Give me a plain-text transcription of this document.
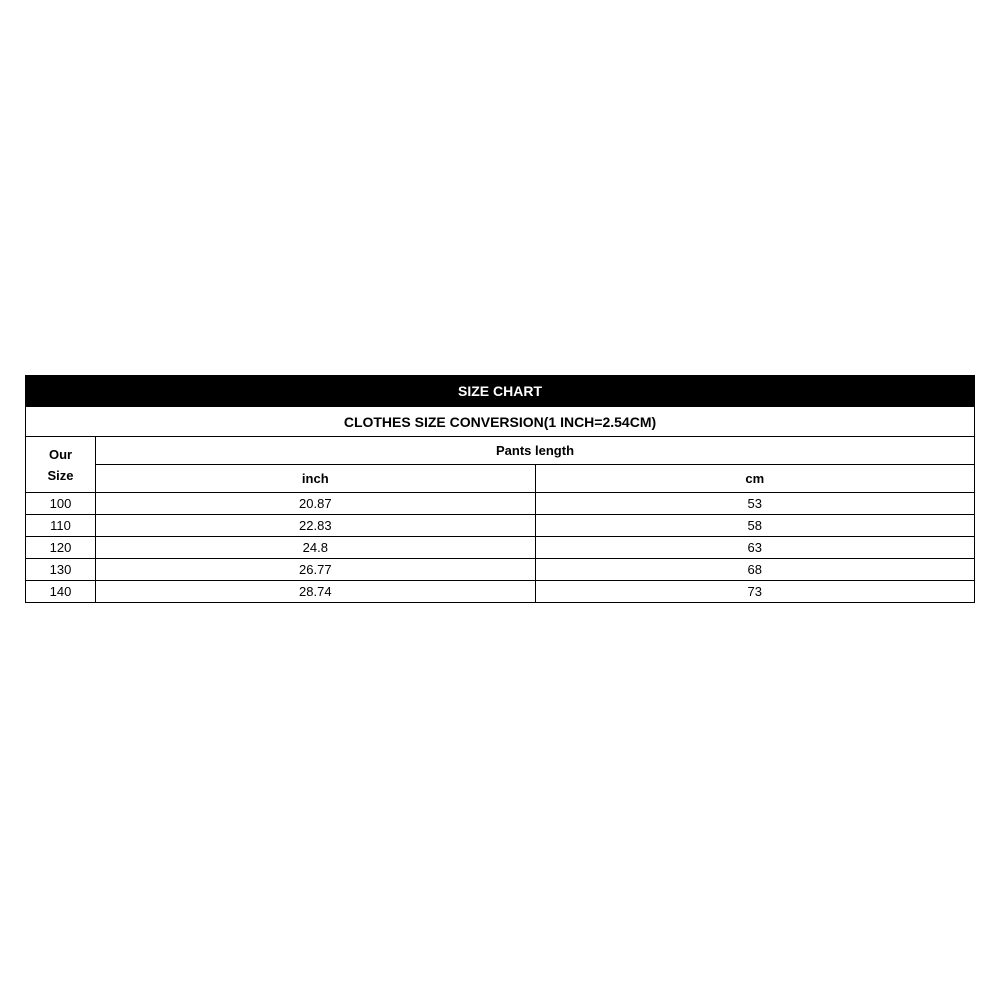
SIZE CHART		
CLOTHES SIZE CONVERSION(1 INCH=2.54CM)		
Our
Size	Pants length	
	inch	cm
100	20.87	53
110	22.83	58
120	24.8	63
130	26.77	68
140	28.74	73
